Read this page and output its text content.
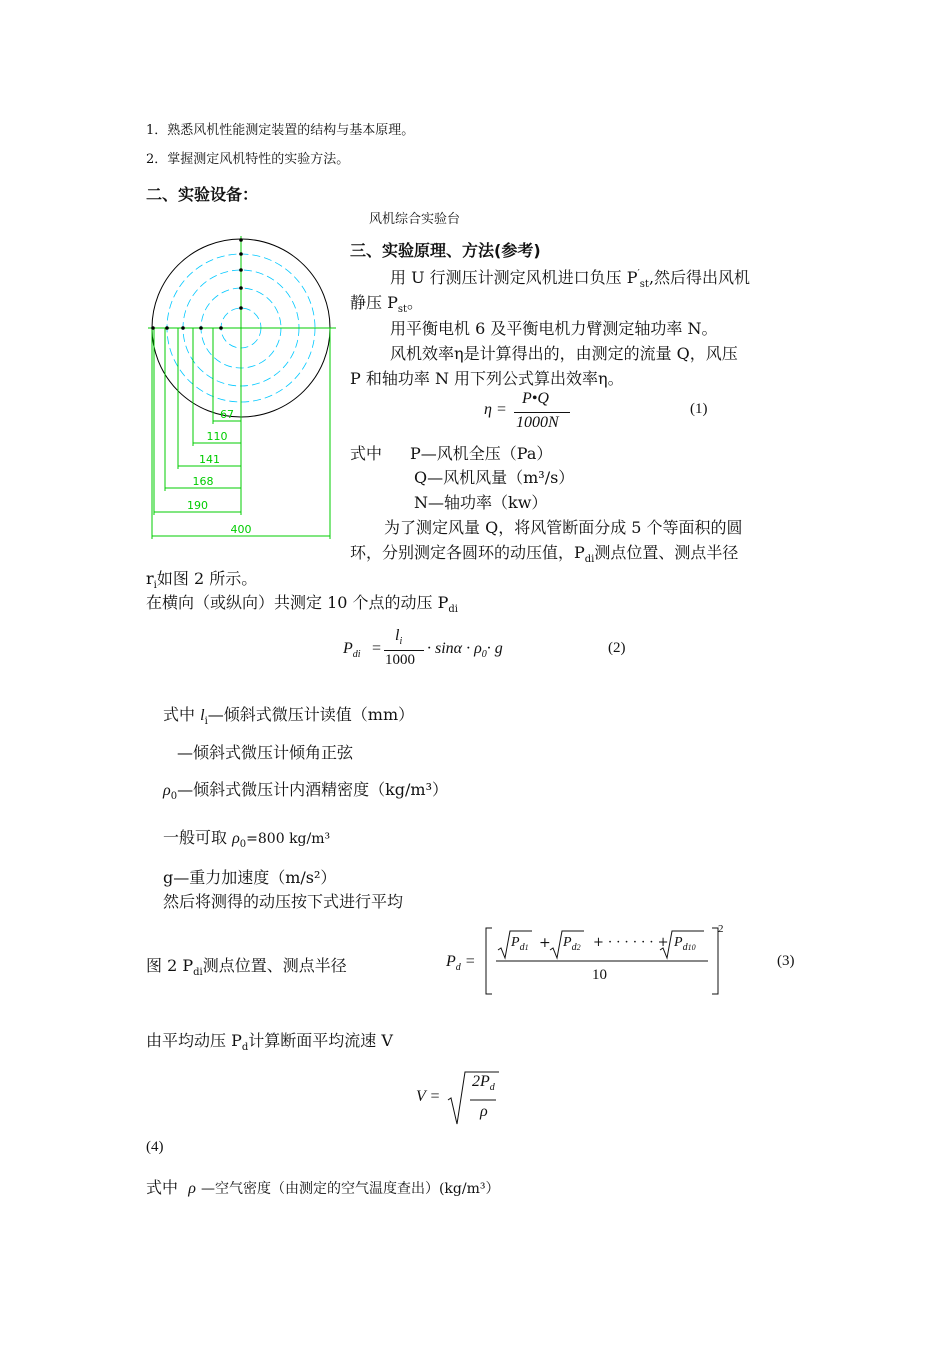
1．熟悉风机性能测定装置的结构与基本原理。
2．掌握测定风机特性的实验方法。
二、实验设备：
风机综合实验台
67
110
141
168
190
400
三、实验原理、方法(参考)
用 U 行测压计测定风机进口负压 $P'_{st}$,然后得出风机
静压 $P_{st}$。
用平衡电机 6 及平衡电机力臂测定轴功率 N。
风机效率η是计算得出的，由测定的流量 Q，风压
P 和轴功率 N 用下列公式算出效率η。
η =
P•Q
1000N
(1)
式中 P—风机全压（Pa）
Q—风机风量（m³/s）
N—轴功率（kw）
为了测定风量 Q，将风管断面分成 5 个等面积的圆
环，分别测定各圆环的动压值，$P_{di}$测点位置、测点半径
$r_i$如图 2 所示。
在横向（或纵向）共测定 10 个点的动压 $P_{di}$
$P_{di}$ =
$l_i$
1000
· $\sin\alpha \cdot \rho_0\cdot g$	(2)
式中 $l_i—$倾斜式微压计读值（mm）
—倾斜式微压计倾角正弦
$\rho_0—$倾斜式微压计内酒精密度（kg/m³）
一般可取 $\rho_0=800$ kg/m³
g—重力加速度（m/s²）
然后将测得的动压按下式进行平均
图 2 $P_{di}$测点位置、测点半径	$P_d$ =
$P_{d1} + P_{d2}$ + · · · · · · + $P_{d10}$
10
2
(3)
由平均动压 $P_d$计算断面平均流速 V
V =
$2P_d$
ρ
(4)
式中 ρ —空气密度（由测定的空气温度查出）(kg/m³）
